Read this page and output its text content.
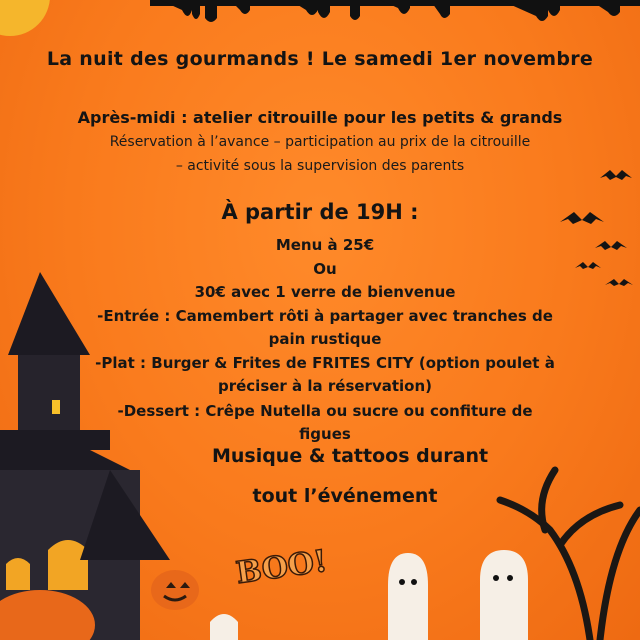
BOO!
La nuit des gourmands ! Le samedi 1er novembre
Après-midi : atelier citrouille pour les petits & grands
Réservation à l’avance – participation au prix de la citrouille
– activité sous la supervision des parents
À partir de 19H :
Menu à 25€
Ou
30€ avec 1 verre de bienvenue
-Entrée : Camembert rôti à partager avec tranches de pain rustique
-Plat : Burger & Frites de FRITES CITY (option poulet à préciser à la réservation)
-Dessert : Crêpe Nutella ou sucre ou confiture de figues
Musique & tattoos durant
tout l’événement
